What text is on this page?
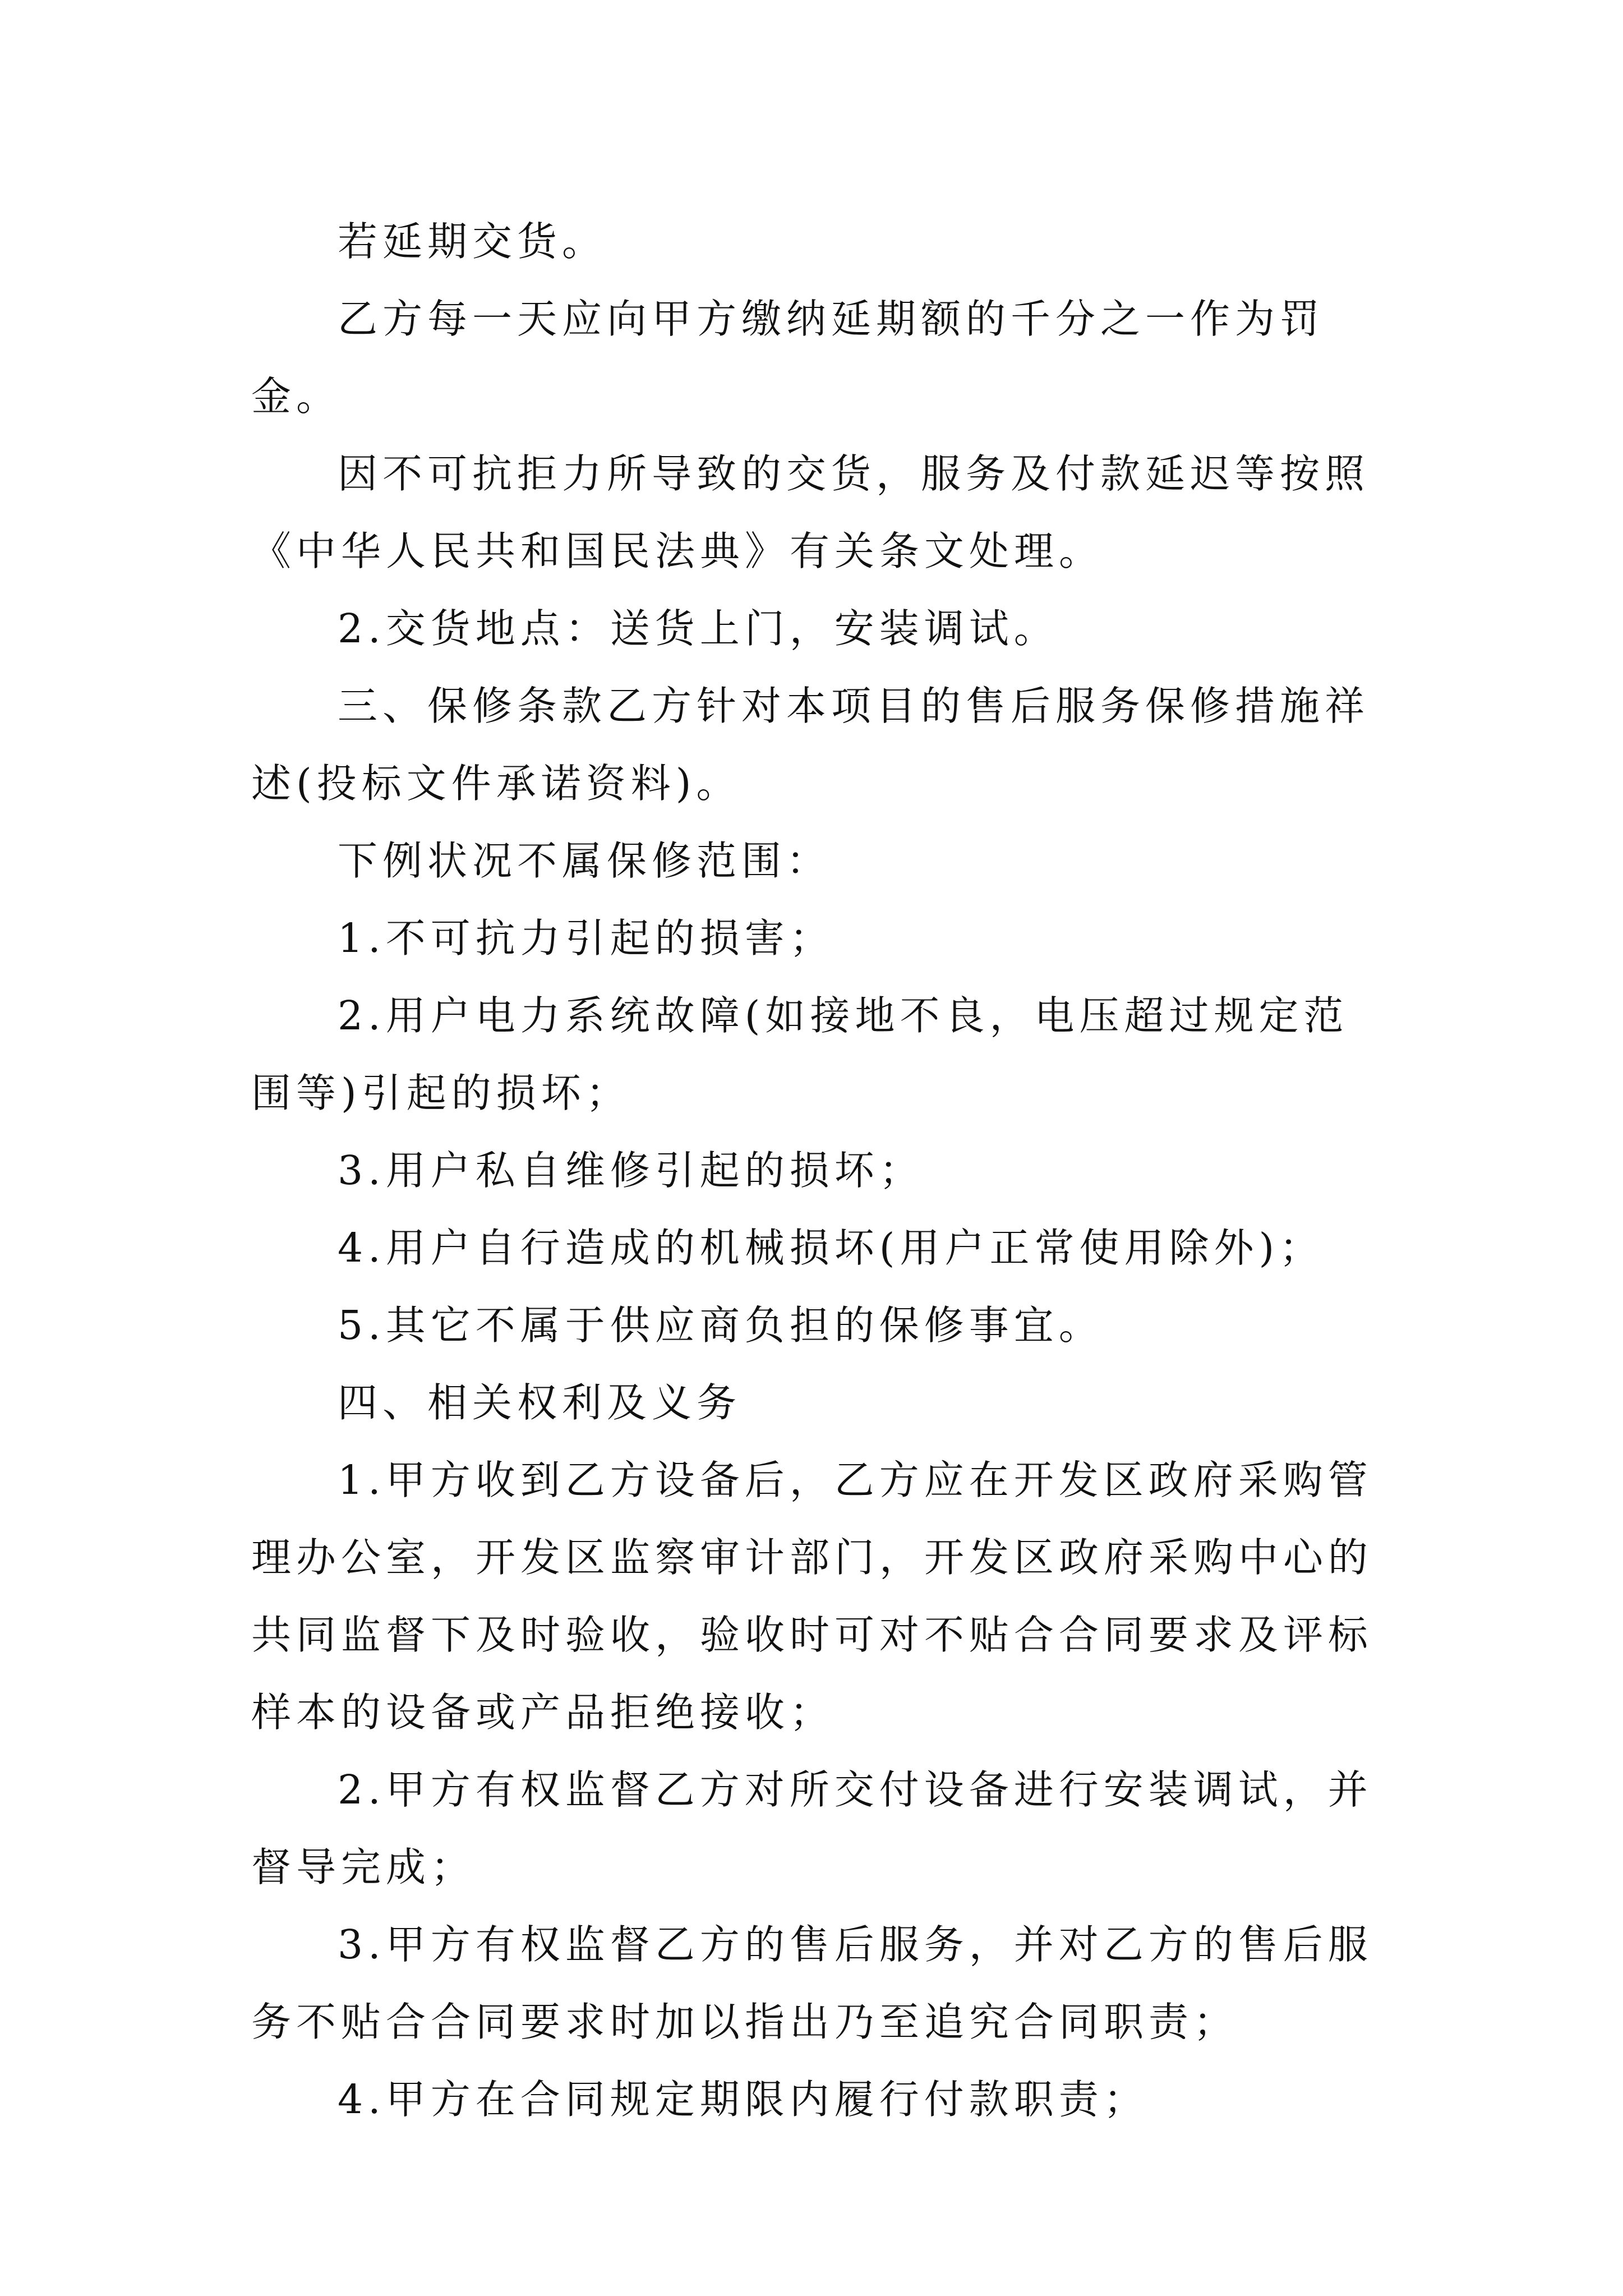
若延期交货。

乙方每一天应向甲方缴纳延期额的千分之一作为罚金。

因不可抗拒力所导致的交货，服务及付款延迟等按照《中华人民共和国民法典》有关条文处理。

2.交货地点：送货上门，安装调试。

三、保修条款乙方针对本项目的售后服务保修措施祥述(投标文件承诺资料)。

下例状况不属保修范围：

1.不可抗力引起的损害；

2.用户电力系统故障(如接地不良，电压超过规定范围等)引起的损坏；

3.用户私自维修引起的损坏；

4.用户自行造成的机械损坏(用户正常使用除外)；

5.其它不属于供应商负担的保修事宜。

四、相关权利及义务

1.甲方收到乙方设备后，乙方应在开发区政府采购管理办公室，开发区监察审计部门，开发区政府采购中心的共同监督下及时验收，验收时可对不贴合合同要求及评标样本的设备或产品拒绝接收；

2.甲方有权监督乙方对所交付设备进行安装调试，并督导完成；

3.甲方有权监督乙方的售后服务，并对乙方的售后服务不贴合合同要求时加以指出乃至追究合同职责；

4.甲方在合同规定期限内履行付款职责；
